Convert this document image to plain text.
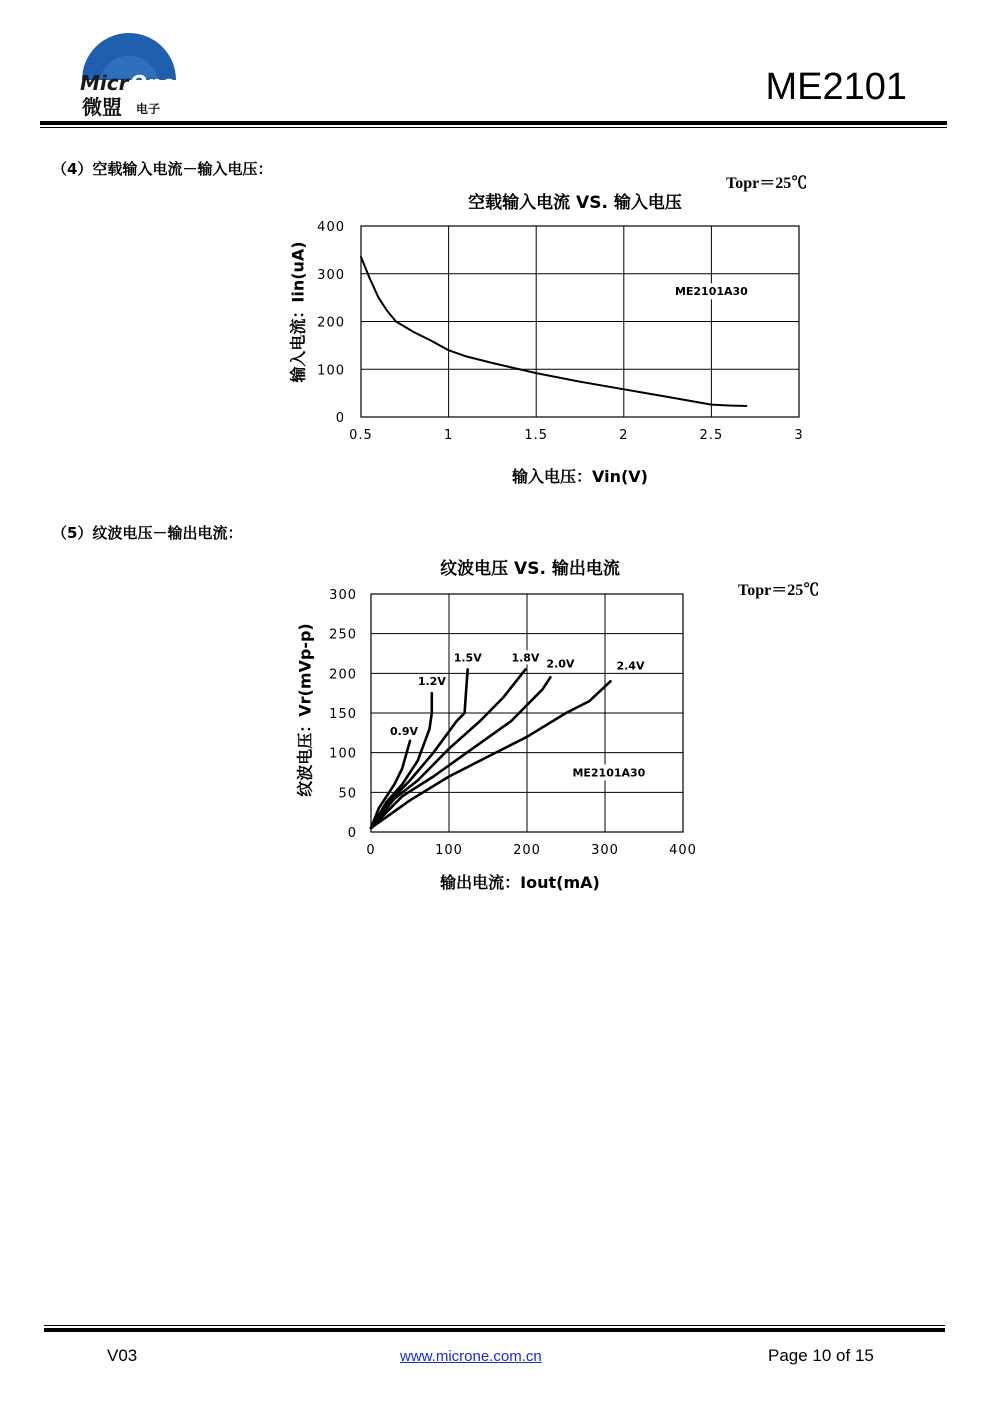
Micr One
微盟 电子
ME2101
（4）空载输入电流－输入电压：
Topr＝25℃
空载输入电流 VS. 输入电压
输入电流：Iin(uA)
0.5	1	1.5	2	2.5	3
0
100
200
300
400
ME2101A30
输入电压：Vin(V)
（5）纹波电压－输出电流：
纹波电压 VS. 输出电流
Topr＝25℃
纹波电压：Vr(mVp-p)
0	100	200	300	400
0
50
100
150
200
250
300
ME2101A30
0.9V
1.2V
1.5V	1.8V 2.0V	2.4V
输出电流：Iout(mA)
V03	www.microne.com.cn	Page 10 of 15
